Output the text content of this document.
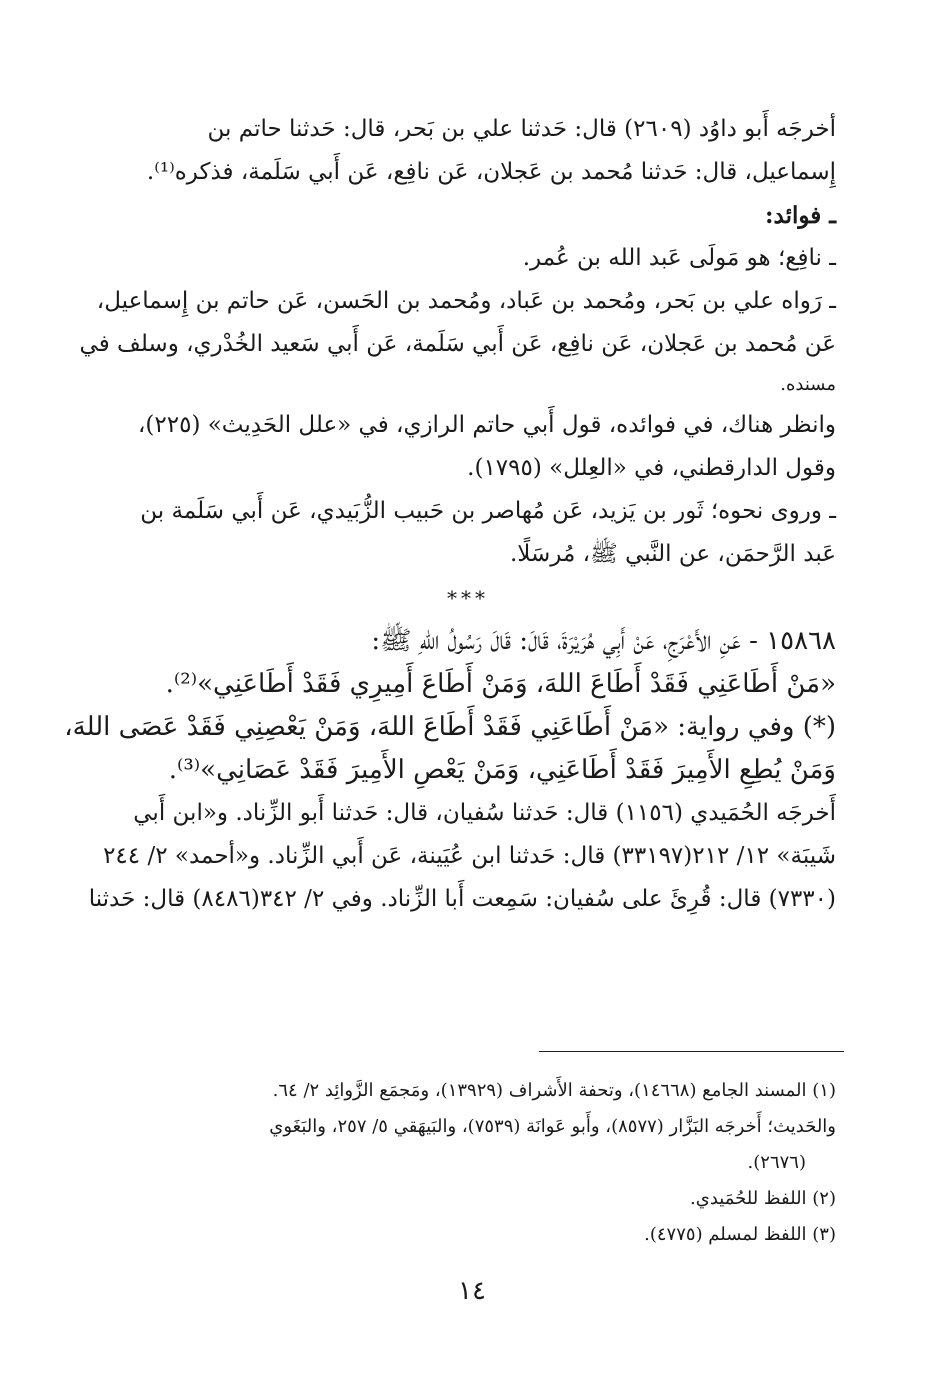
أخرجَه أَبو داوُد (٢٦٠٩) قال: حَدثنا علي بن بَحر، قال: حَدثنا حاتم بن
إِسماعيل، قال: حَدثنا مُحمد بن عَجلان، عَن نافِع، عَن أَبي سَلَمة، فذكره⁽¹⁾.
ـ فوائد:
ـ نافِع؛ هو مَولَى عَبد الله بن عُمر.
ـ رَواه علي بن بَحر، ومُحمد بن عَباد، ومُحمد بن الحَسن، عَن حاتم بن إِسماعيل،
عَن مُحمد بن عَجلان، عَن نافِع، عَن أَبي سَلَمة، عَن أَبي سَعيد الخُدْري، وسلف في
مسنده.
وانظر هناك، في فوائده، قول أَبي حاتم الرازي، في «علل الحَدِيث» (٢٢٥)،
وقول الدارقطني، في «العِلل» (١٧٩٥).
ـ وروى نحوه؛ ثَور بن يَزيد، عَن مُهاصر بن حَبيب الزُّبَيدي، عَن أَبي سَلَمة بن
عَبد الرَّحمَن، عن النَّبي ﷺ، مُرسَلًا.
***
١٥٨٦٨ - عَنِ الأَعْرَجِ، عَنْ أَبِي هُرَيْرَةَ، قَالَ: قَالَ رَسُولُ اللهِ ﷺ:
«مَنْ أَطَاعَنِي فَقَدْ أَطَاعَ اللهَ، وَمَنْ أَطَاعَ أَمِيرِي فَقَدْ أَطَاعَنِي»⁽²⁾.
(*) وفي رواية: «مَنْ أَطَاعَنِي فَقَدْ أَطَاعَ اللهَ، وَمَنْ يَعْصِنِي فَقَدْ عَصَى اللهَ،
وَمَنْ يُطِعِ الأَمِيرَ فَقَدْ أَطَاعَنِي، وَمَنْ يَعْصِ الأَمِيرَ فَقَدْ عَصَانِي»⁽³⁾.
أَخرجَه الحُمَيدي (١١٥٦) قال: حَدثنا سُفيان، قال: حَدثنا أَبو الزِّناد. و«ابن أَبي
شَيبَة» ١٢/ ٢١٢(٣٣١٩٧) قال: حَدثنا ابن عُيَينة، عَن أَبي الزِّناد. و«أحمد» ٢/ ٢٤٤
(٧٣٣٠) قال: قُرِئَ على سُفيان: سَمِعت أَبا الزِّناد. وفي ٢/ ٣٤٢(٨٤٨٦) قال: حَدثنا
(١) المسند الجامع (١٤٦٦٨)، وتحفة الأَشراف (١٣٩٢٩)، ومَجمَع الزَّوائِد ٢/ ٦٤.
والحَديث؛ أَخرجَه البَزَّار (٨٥٧٧)، وأَبو عَوانَة (٧٥٣٩)، والبَيهَقي ٥/ ٢٥٧، والبَغَوي
(٢٦٧٦).
(٢) اللفظ للحُمَيدي.
(٣) اللفظ لمسلم (٤٧٧٥).
١٤
